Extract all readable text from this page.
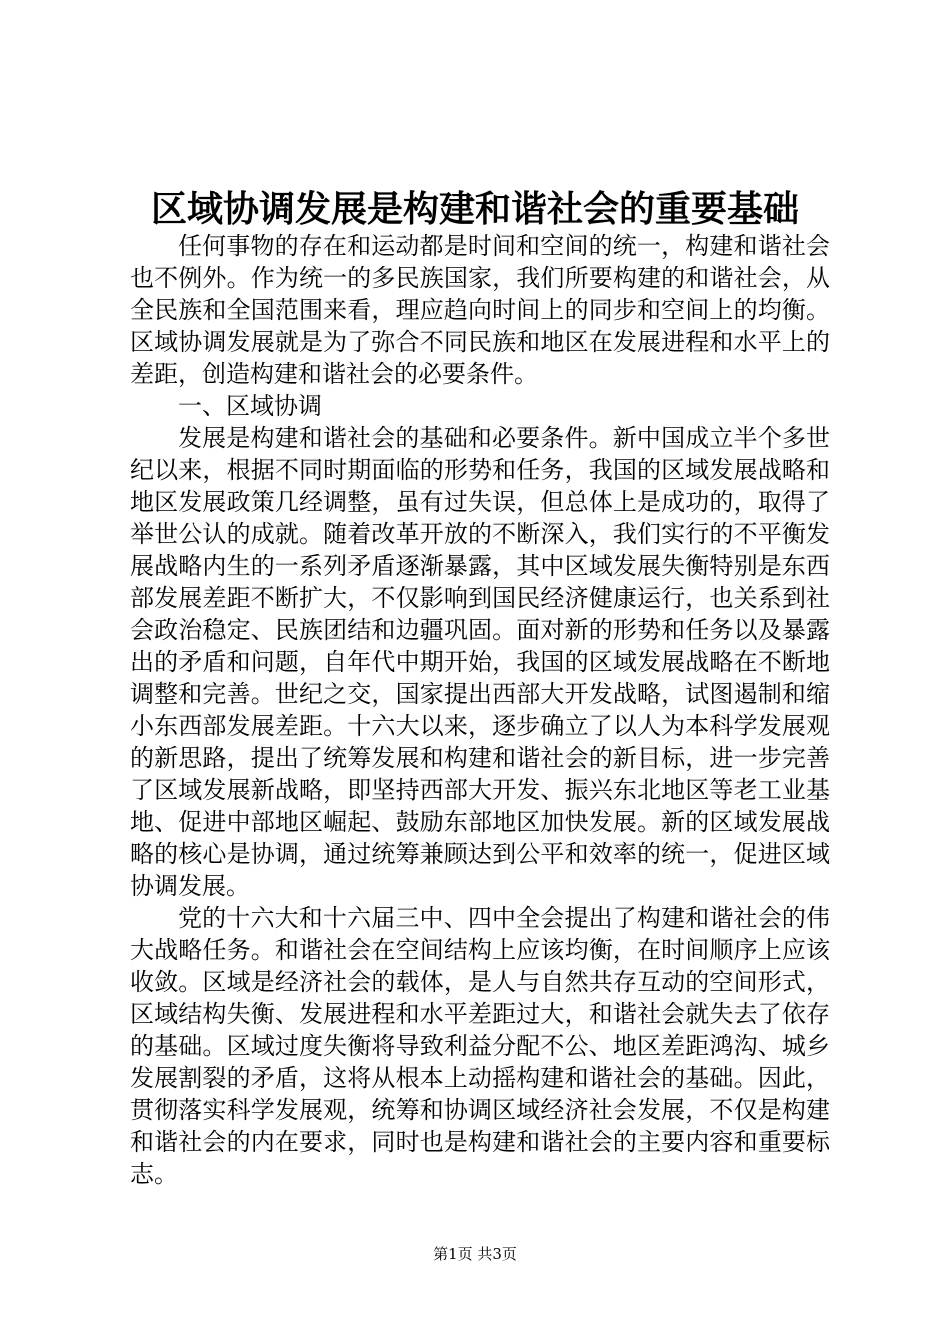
区域协调发展是构建和谐社会的重要基础

任何事物的存在和运动都是时间和空间的统一，构建和谐社会也不例外。作为统一的多民族国家，我们所要构建的和谐社会，从全民族和全国范围来看，理应趋向时间上的同步和空间上的均衡。区域协调发展就是为了弥合不同民族和地区在发展进程和水平上的差距，创造构建和谐社会的必要条件。

一、区域协调

发展是构建和谐社会的基础和必要条件。新中国成立半个多世纪以来，根据不同时期面临的形势和任务，我国的区域发展战略和地区发展政策几经调整，虽有过失误，但总体上是成功的，取得了举世公认的成就。随着改革开放的不断深入，我们实行的不平衡发展战略内生的一系列矛盾逐渐暴露，其中区域发展失衡特别是东西部发展差距不断扩大，不仅影响到国民经济健康运行，也关系到社会政治稳定、民族团结和边疆巩固。面对新的形势和任务以及暴露出的矛盾和问题，自年代中期开始，我国的区域发展战略在不断地调整和完善。世纪之交，国家提出西部大开发战略，试图遏制和缩小东西部发展差距。十六大以来，逐步确立了以人为本科学发展观的新思路，提出了统筹发展和构建和谐社会的新目标，进一步完善了区域发展新战略，即坚持西部大开发、振兴东北地区等老工业基地、促进中部地区崛起、鼓励东部地区加快发展。新的区域发展战略的核心是协调，通过统筹兼顾达到公平和效率的统一，促进区域协调发展。

党的十六大和十六届三中、四中全会提出了构建和谐社会的伟大战略任务。和谐社会在空间结构上应该均衡，在时间顺序上应该收敛。区域是经济社会的载体，是人与自然共存互动的空间形式，区域结构失衡、发展进程和水平差距过大，和谐社会就失去了依存的基础。区域过度失衡将导致利益分配不公、地区差距鸿沟、城乡发展割裂的矛盾，这将从根本上动摇构建和谐社会的基础。因此，贯彻落实科学发展观，统筹和协调区域经济社会发展，不仅是构建和谐社会的内在要求，同时也是构建和谐社会的主要内容和重要标志。

第1页 共3页
